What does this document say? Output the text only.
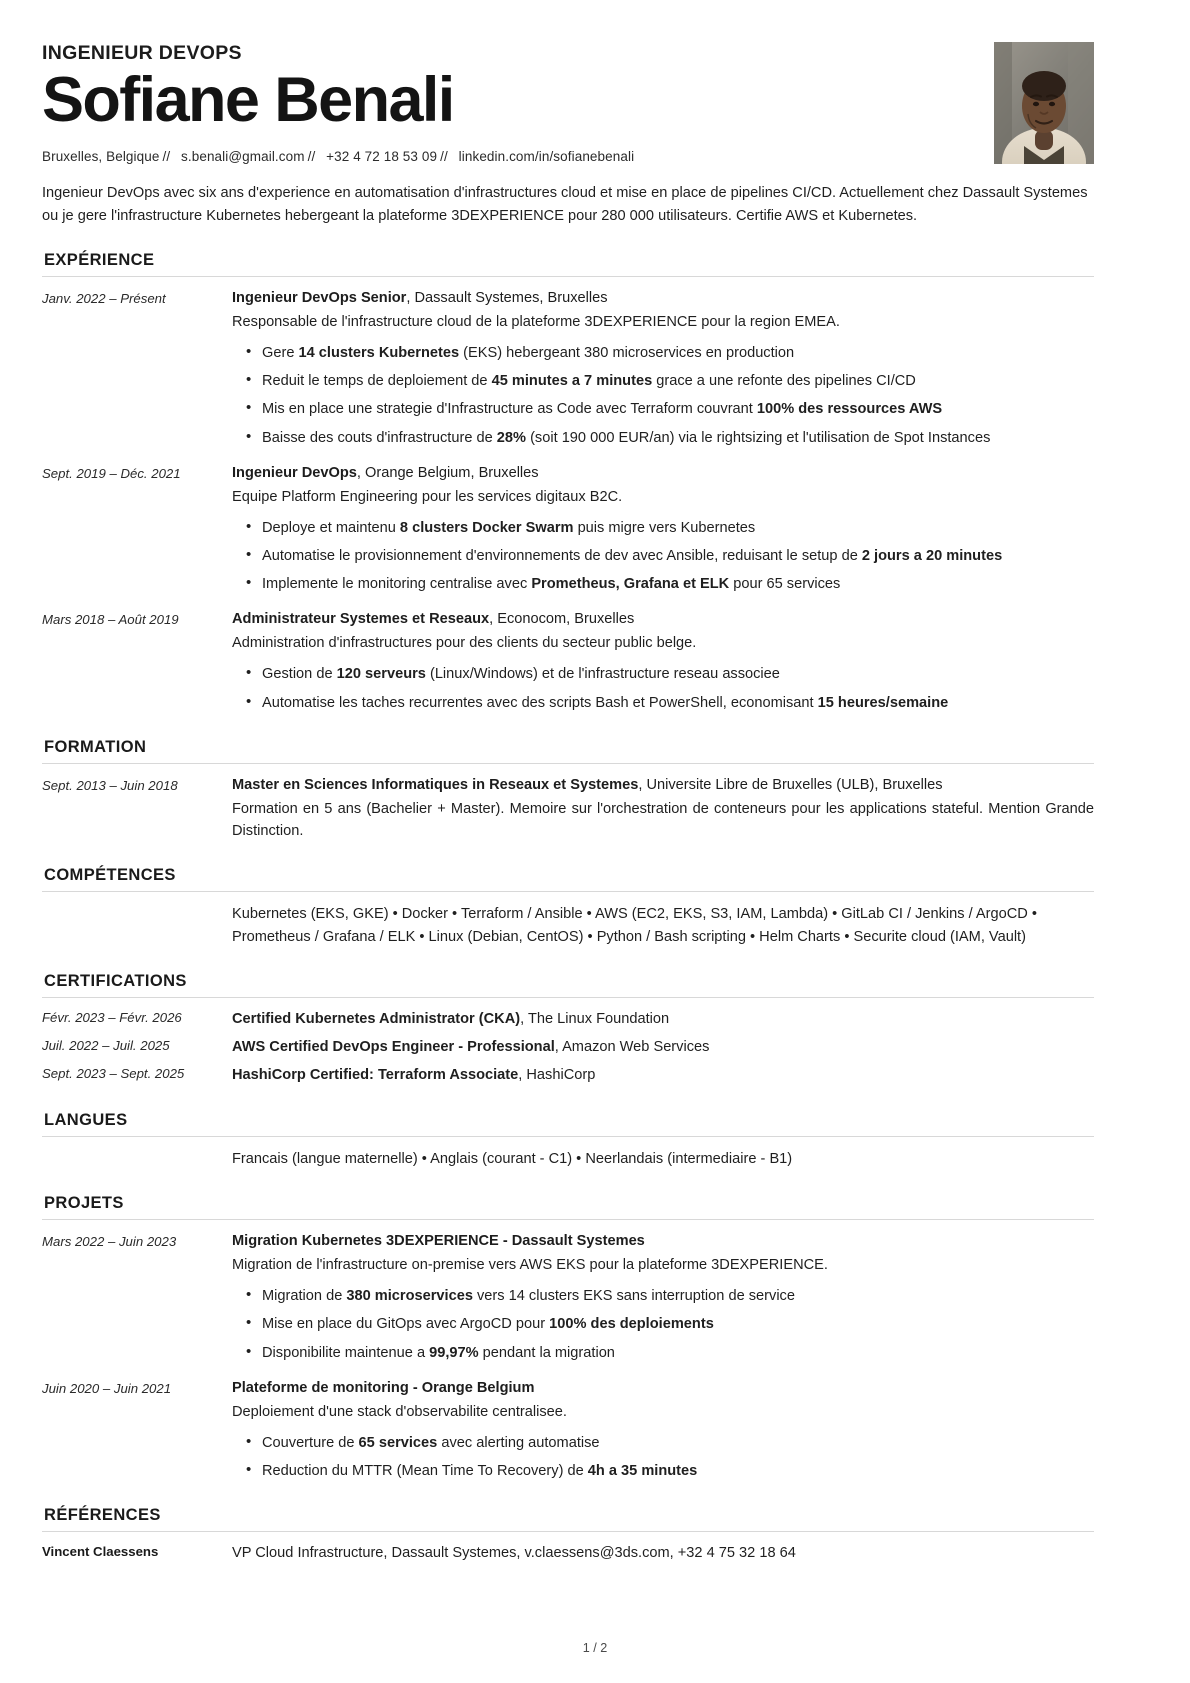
INGENIEUR DEVOPS
Sofiane Benali
Bruxelles, Belgique // s.benali@gmail.com // +32 4 72 18 53 09 // linkedin.com/in/sofianebenali
Ingenieur DevOps avec six ans d'experience en automatisation d'infrastructures cloud et mise en place de pipelines CI/CD. Actuellement chez Dassault Systemes ou je gere l'infrastructure Kubernetes hebergeant la plateforme 3DEXPERIENCE pour 280 000 utilisateurs. Certifie AWS et Kubernetes.
EXPÉRIENCE
Janv. 2022 – Présent	Ingenieur DevOps Senior, Dassault Systemes, Bruxelles
Responsable de l'infrastructure cloud de la plateforme 3DEXPERIENCE pour la region EMEA.
• Gere 14 clusters Kubernetes (EKS) hebergeant 380 microservices en production
• Reduit le temps de deploiement de 45 minutes a 7 minutes grace a une refonte des pipelines CI/CD
• Mis en place une strategie d'Infrastructure as Code avec Terraform couvrant 100% des ressources AWS
• Baisse des couts d'infrastructure de 28% (soit 190 000 EUR/an) via le rightsizing et l'utilisation de Spot Instances
Sept. 2019 – Déc. 2021	Ingenieur DevOps, Orange Belgium, Bruxelles
Equipe Platform Engineering pour les services digitaux B2C.
• Deploye et maintenu 8 clusters Docker Swarm puis migre vers Kubernetes
• Automatise le provisionnement d'environnements de dev avec Ansible, reduisant le setup de 2 jours a 20 minutes
• Implemente le monitoring centralise avec Prometheus, Grafana et ELK pour 65 services
Mars 2018 – Août 2019	Administrateur Systemes et Reseaux, Econocom, Bruxelles
Administration d'infrastructures pour des clients du secteur public belge.
• Gestion de 120 serveurs (Linux/Windows) et de l'infrastructure reseau associee
• Automatise les taches recurrentes avec des scripts Bash et PowerShell, economisant 15 heures/semaine
FORMATION
Sept. 2013 – Juin 2018	Master en Sciences Informatiques in Reseaux et Systemes, Universite Libre de Bruxelles (ULB), Bruxelles
Formation en 5 ans (Bachelier + Master). Memoire sur l'orchestration de conteneurs pour les applications stateful. Mention Grande Distinction.
COMPÉTENCES
Kubernetes (EKS, GKE) • Docker • Terraform / Ansible • AWS (EC2, EKS, S3, IAM, Lambda) • GitLab CI / Jenkins / ArgoCD • Prometheus / Grafana / ELK • Linux (Debian, CentOS) • Python / Bash scripting • Helm Charts • Securite cloud (IAM, Vault)
CERTIFICATIONS
Févr. 2023 – Févr. 2026	Certified Kubernetes Administrator (CKA), The Linux Foundation
Juil. 2022 – Juil. 2025	AWS Certified DevOps Engineer - Professional, Amazon Web Services
Sept. 2023 – Sept. 2025	HashiCorp Certified: Terraform Associate, HashiCorp
LANGUES
Francais (langue maternelle) • Anglais (courant - C1) • Neerlandais (intermediaire - B1)
PROJETS
Mars 2022 – Juin 2023	Migration Kubernetes 3DEXPERIENCE - Dassault Systemes
Migration de l'infrastructure on-premise vers AWS EKS pour la plateforme 3DEXPERIENCE.
• Migration de 380 microservices vers 14 clusters EKS sans interruption de service
• Mise en place du GitOps avec ArgoCD pour 100% des deploiements
• Disponibilite maintenue a 99,97% pendant la migration
Juin 2020 – Juin 2021	Plateforme de monitoring - Orange Belgium
Deploiement d'une stack d'observabilite centralisee.
• Couverture de 65 services avec alerting automatise
• Reduction du MTTR (Mean Time To Recovery) de 4h a 35 minutes
RÉFÉRENCES
Vincent Claessens	VP Cloud Infrastructure, Dassault Systemes, v.claessens@3ds.com, +32 4 75 32 18 64
1 / 2
